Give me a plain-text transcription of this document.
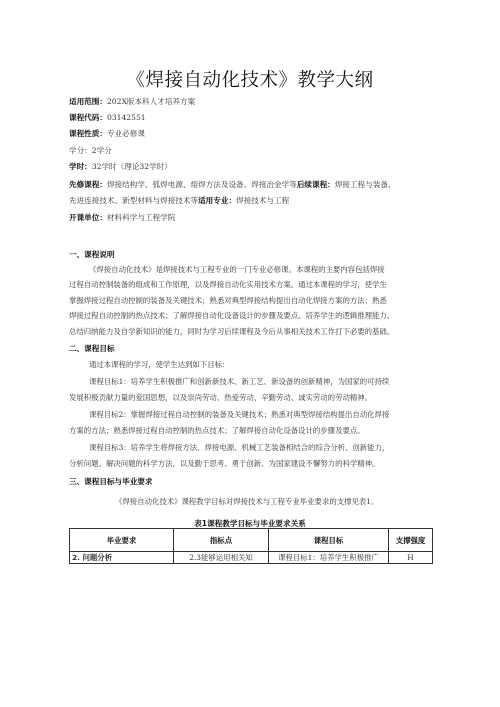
《焊接自动化技术》教学大纲
适用范围：202X版本科人才培养方案
课程代码：03142551
课程性质：专业必修课
学分：2学分
学时：32学时（理论32学时）
先修课程：焊接结构学、弧焊电源、熔焊方法及设备、焊接冶金学等后续课程：焊接工程与装备、
先进连接技术、新型材料与焊接技术等适用专业：焊接技术与工程
开课单位：材料科学与工程学院
一、课程说明
《焊接自动化技术》是焊接技术与工程专业的一门专业必修课。本课程的主要内容包括焊接
过程自动控制装备的组成和工作原理，以及焊接自动化实用技术方案。通过本课程的学习，使学生
掌握焊接过程自动控制的装备及关键技术；熟悉对典型焊接结构提出自动化焊接方案的方法；熟悉
焊接过程自动控制的热点技术；了解焊接自动化设备设计的步骤及要点。培养学生的逻辑推理能力、
总结归纳能力及自学新知识的能力，同时为学习后续课程及今后从事相关技术工作打下必要的基础。
二、课程目标
通过本课程的学习，使学生达到如下目标：
课程目标1：培养学生积极推广和创新新技术、新工艺、新设备的创新精神，为国家的可持续
发展积极贡献力量的爱国思想，以及崇尚劳动、热爱劳动、辛勤劳动、诚实劳动的劳动精神。
课程目标2：掌握焊接过程自动控制的装备及关键技术；熟悉对典型焊接结构提出自动化焊接
方案的方法；熟悉焊接过程自动控制的热点技术；了解焊接自动化设备设计的步骤及要点。
课程目标3：培养学生将焊接方法、焊接电源、机械工艺装备相结合的综合分析、创新能力，
分析问题、解决问题的科学方法，以及勤于思考、勇于创新、为国家建设不懈努力的科学精神。
三、课程目标与毕业要求
《焊接自动化技术》课程教学目标对焊接技术与工程专业毕业要求的支撑见表1。
表1课程教学目标与毕业要求关系
毕业要求	指标点	课程目标	支撑强度
2. 问题分析	2.3能够运用相关知	课程目标1：培养学生积极推广	H
